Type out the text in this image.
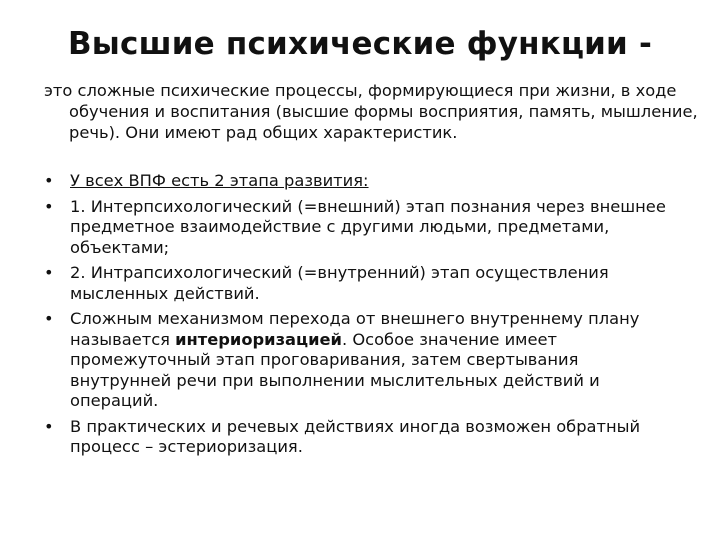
Высшие психические функции -
это сложные психические процессы, формирующиеся при жизни, в ходе обучения и воспитания (высшие формы восприятия, память, мышление, речь). Они имеют рад общих характеристик.
• У всех ВПФ есть 2 этапа развития:
• 1. Интерпсихологический (=внешний) этап познания через внешнее предметное взаимодействие с другими людьми, предметами, объектами;
• 2. Интрапсихологический (=внутренний) этап осуществления мысленных действий.
• Сложным механизмом перехода от внешнего внутреннему плану называется интериоризацией. Особое значение имеет промежуточный этап проговаривания, затем свертывания внутрунней речи при выполнении мыслительных действий и операций.
• В практических и речевых действиях иногда возможен обратный процесс – эстериоризация.
